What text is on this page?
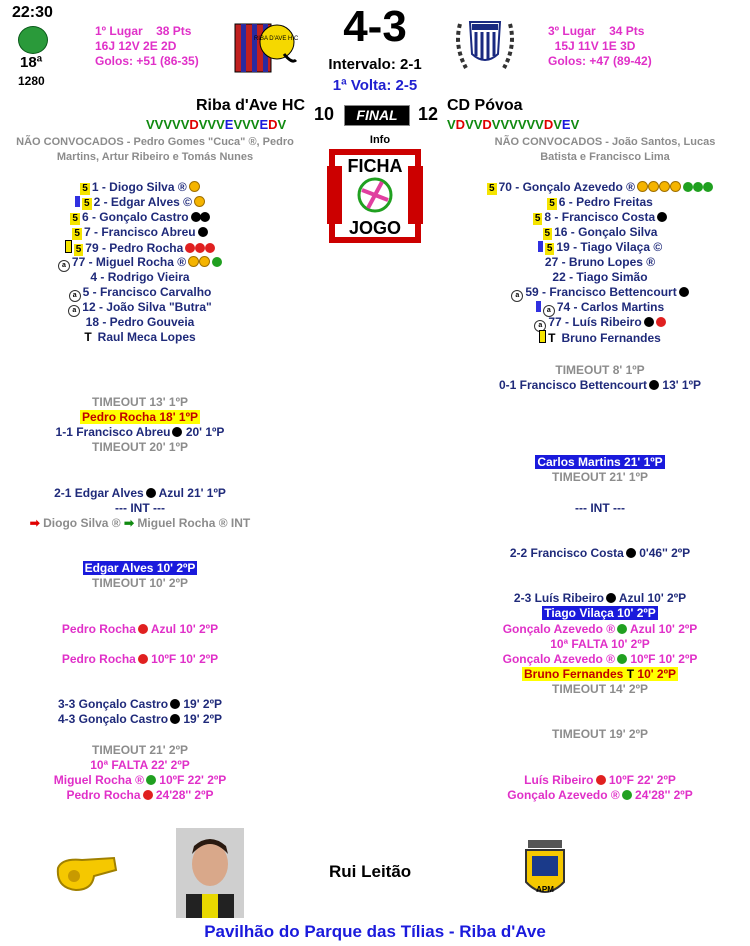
22:30
18ª
1280
1º Lugar 38 Pts
16J 12V 2E 2D
Golos: +51 (86-35)
RIBA D'AVE H.C. 4-3
Intervalo: 2-1
1ª Volta: 2-5
3º Lugar 34 Pts
15J 11V 1E 3D
Golos: +47 (89-42)
Riba d'Ave HC 10	FINAL	12 CD Póvoa
VVVVVDVVVEVVVEDV	VDVVDVVVVVVDVEV
NÃO CONVOCADOS - Pedro Gomes "Cuca" ®, Pedro Martins, Artur Ribeiro e Tomás Nunes
NÃO CONVOCADOS - João Santos, Lucas Batista e Francisco Lima
Info
FICHA
JOGO
5 1 - Diogo Silva ®
5 2 - Edgar Alves ©
5 6 - Gonçalo Castro
5 7 - Francisco Abreu
5 79 - Pedro Rocha
a 77 - Miguel Rocha ®
4 - Rodrigo Vieira
a 5 - Francisco Carvalho
a 12 - João Silva "Butra"
18 - Pedro Gouveia
T Raul Meca Lopes
5 70 - Gonçalo Azevedo ®
5 6 - Pedro Freitas
5 8 - Francisco Costa
5 16 - Gonçalo Silva
5 19 - Tiago Vilaça ©
27 - Bruno Lopes ®
22 - Tiago Simão
a 59 - Francisco Bettencourt
a 74 - Carlos Martins
a 77 - Luís Ribeiro
T Bruno Fernandes
TIMEOUT 13' 1ºP
Pedro Rocha 18' 1ºP
1-1 Francisco Abreu 20' 1ºP
TIMEOUT 20' 1ºP
2-1 Edgar Alves Azul 21' 1ºP
--- INT ---
➡ Diogo Silva ® ➡ Miguel Rocha ® INT
Edgar Alves 10' 2ºP
TIMEOUT 10' 2ºP
Pedro Rocha Azul 10' 2ºP
Pedro Rocha 10ºF 10' 2ºP
3-3 Gonçalo Castro 19' 2ºP
4-3 Gonçalo Castro 19' 2ºP
TIMEOUT 21' 2ºP
10ª FALTA 22' 2ºP
Miguel Rocha ® 10ºF 22' 2ºP
Pedro Rocha 24'28'' 2ºP
TIMEOUT 8' 1ºP
0-1 Francisco Bettencourt 13' 1ºP
Carlos Martins 21' 1ºP
TIMEOUT 21' 1ºP
--- INT ---
2-2 Francisco Costa 0'46'' 2ºP
2-3 Luís Ribeiro Azul 10' 2ºP
Tiago Vilaça 10' 2ºP
Gonçalo Azevedo ® Azul 10' 2ºP
10ª FALTA 10' 2ºP
Gonçalo Azevedo ® 10ºF 10' 2ºP
Bruno Fernandes T 10' 2ºP
TIMEOUT 14' 2ºP
TIMEOUT 19' 2ºP
Luís Ribeiro 10ºF 22' 2ºP
Gonçalo Azevedo ® 24'28'' 2ºP
Rui Leitão
APM
Pavilhão do Parque das Tílias - Riba d'Ave
